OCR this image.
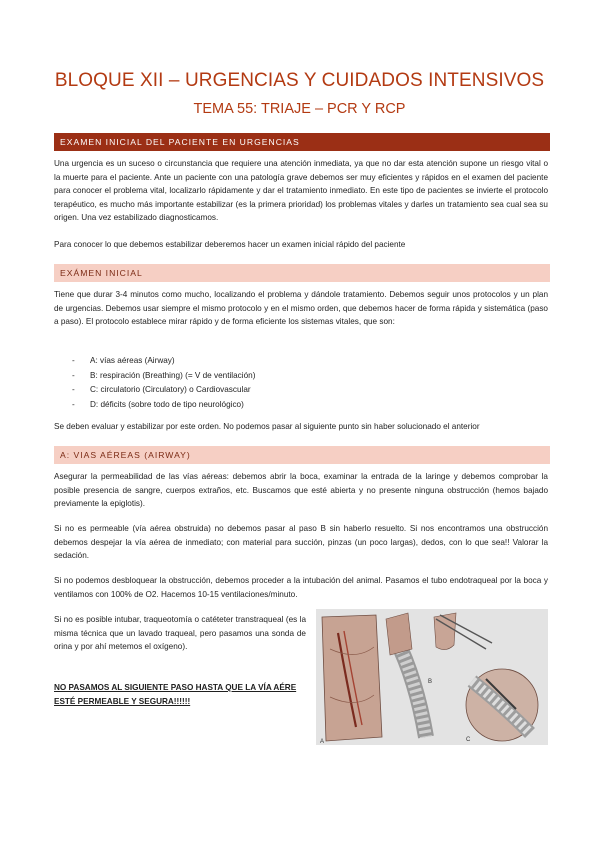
BLOQUE XII – URGENCIAS Y CUIDADOS INTENSIVOS
TEMA 55: TRIAJE – PCR Y RCP
EXAMEN INICIAL DEL PACIENTE EN URGENCIAS

Una urgencia es un suceso o circunstancia que requiere una atención inmediata, ya que no dar esta atención supone un riesgo vital o la muerte para el paciente. Ante un paciente con una patología grave debemos ser muy eficientes y rápidos en el examen del paciente para conocer el problema vital, localizarlo rápidamente y dar el tratamiento inmediato. En este tipo de pacientes se invierte el protocolo terapéutico, es mucho más importante estabilizar (es la primera prioridad) los problemas vitales y darles un tratamiento sea cual sea su origen. Una vez estabilizado diagnosticamos.

Para conocer lo que debemos estabilizar deberemos hacer un examen inicial rápido del paciente

EXÁMEN INICIAL

Tiene que durar 3-4 minutos como mucho, localizando el problema y dándole tratamiento. Debemos seguir unos protocolos y un plan de urgencias. Debemos usar siempre el mismo protocolo y en el mismo orden, que debemos hacer de forma rápida y sistemática (paso a paso). El protocolo establece mirar rápido y de forma eficiente los sistemas vitales, que son:

- A: vías aéreas (Airway)
- B: respiración (Breathing) (= V de ventilación)
- C: circulatorio (Circulatory) o Cardiovascular
- D: déficits (sobre todo de tipo neurológico)

Se deben evaluar y estabilizar por este orden. No podemos pasar al siguiente punto sin haber solucionado el anterior

A: VIAS AÉREAS (AIRWAY)

Asegurar la permeabilidad de las vías aéreas: debemos abrir la boca, examinar la entrada de la laringe y debemos comprobar la posible presencia de sangre, cuerpos extraños, etc. Buscamos que esté abierta y no presente ninguna obstrucción (hemos bajado previamente la epiglotis).

Si no es permeable (vía aérea obstruida) no debemos pasar al paso B sin haberlo resuelto. Si nos encontramos una obstrucción debemos despejar la vía aérea de inmediato; con material para succión, pinzas (un poco largas), dedos, con lo que sea!! Valorar la sedación.

Si no podemos desbloquear la obstrucción, debemos proceder a la intubación del animal. Pasamos el tubo endotraqueal por la boca y ventilamos con 100% de O2. Hacemos 10-15 ventilaciones/minuto.

Si no es posible intubar, traqueotomía o catéteter transtraqueal (es la misma técnica que un lavado traqueal, pero pasamos una sonda de orina y por ahí metemos el oxígeno).

NO PASAMOS AL SIGUIENTE PASO HASTA QUE LA VÍA AÉRE ESTÉ PERMEABLE Y SEGURA!!!!!!

B
A	C
